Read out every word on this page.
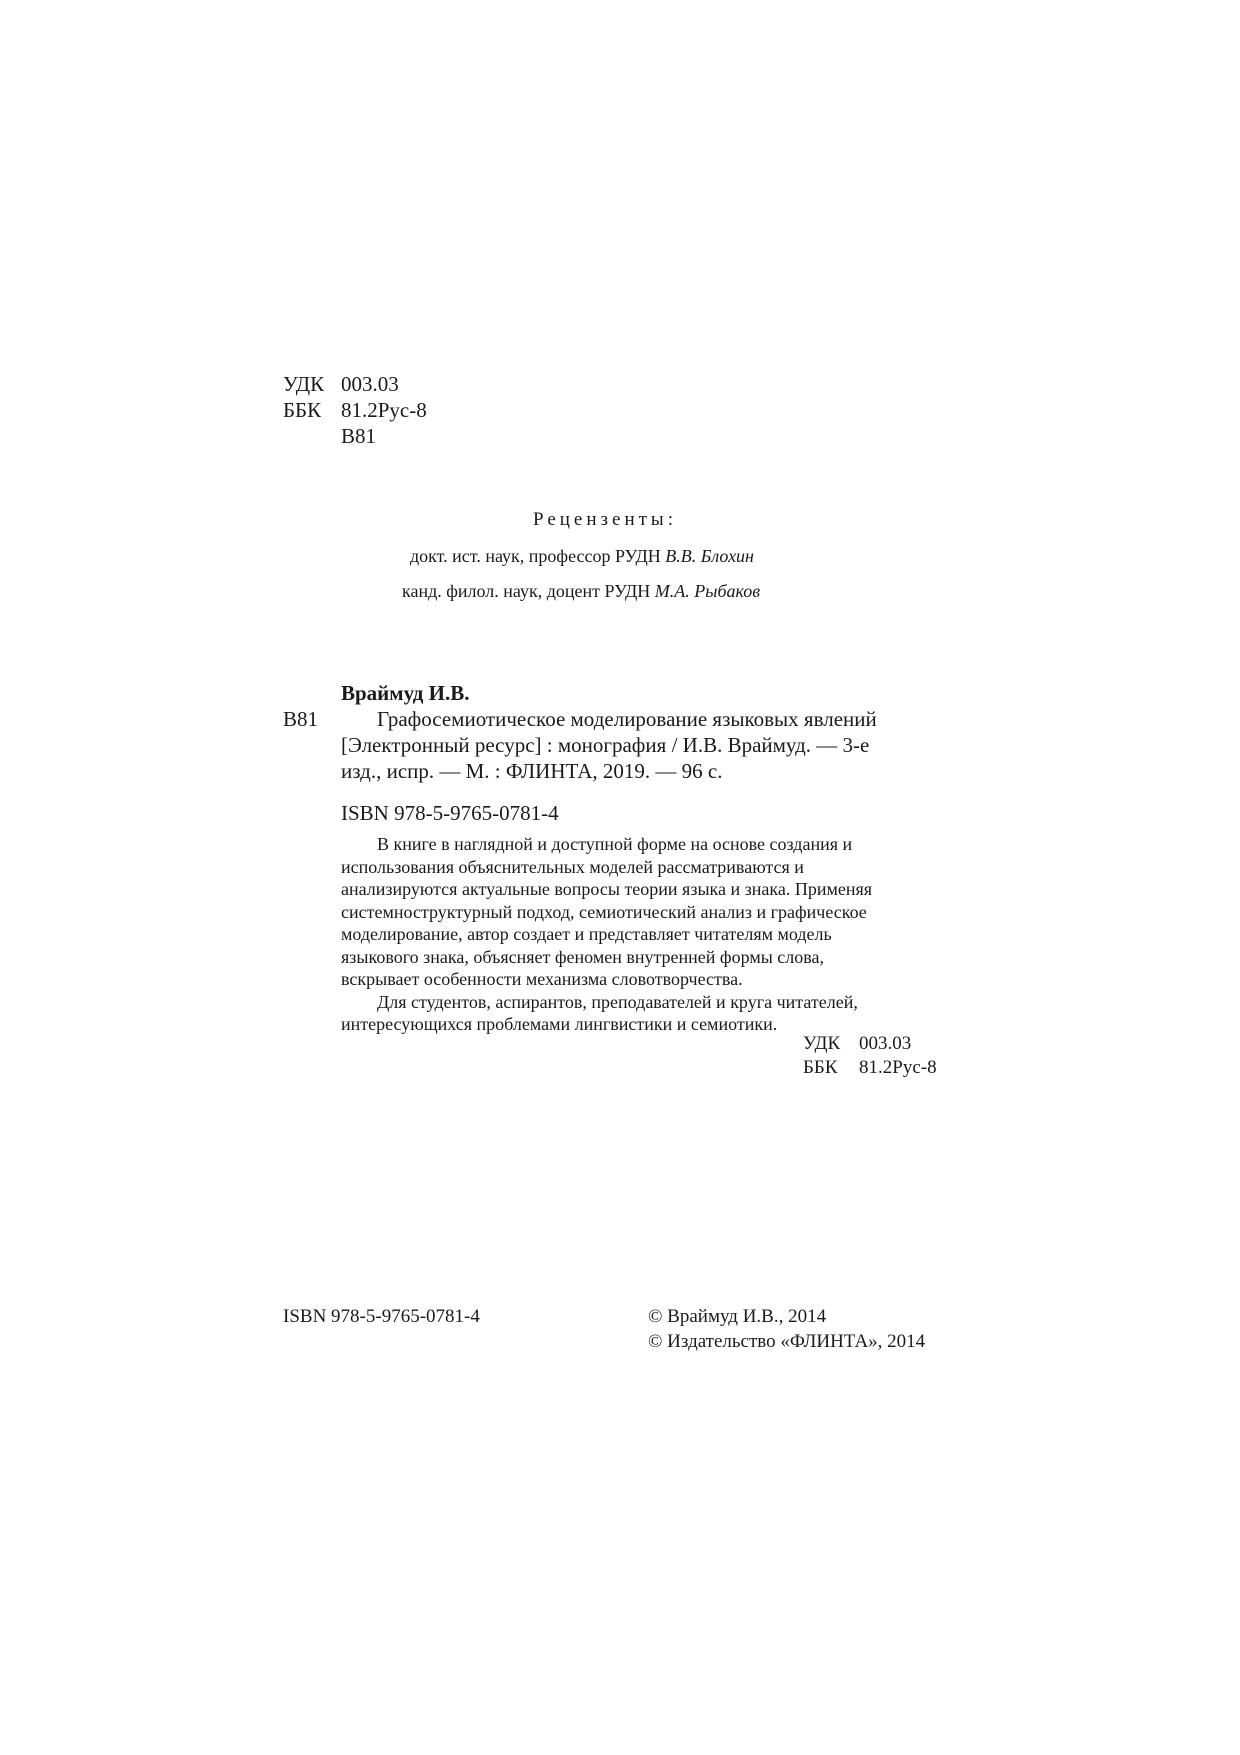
УДК 003.03
ББК 81.2Рус-8
В81
Рецензенты:
докт. ист. наук, профессор РУДН В.В. Блохин
канд. филол. наук, доцент РУДН М.А. Рыбаков
Враймуд И.В.
В81	Графосемиотическое моделирование языковых явлений
[Электронный ресурс] : монография / И.В. Враймуд. — 3-е
изд., испр. — М. : ФЛИНТА, 2019. — 96 с.
ISBN 978-5-9765-0781-4
В книге в наглядной и доступной форме на основе создания и
использования объяснительных моделей рассматриваются и
анализируются актуальные вопросы теории языка и знака. Применяя
системноструктурный подход, семиотический анализ и графическое
моделирование, автор создает и представляет читателям модель
языкового знака, объясняет феномен внутренней формы слова,
вскрывает особенности механизма словотворчества.
Для студентов, аспирантов, преподавателей и круга читателей,
интересующихся проблемами лингвистики и семиотики.
УДК 003.03
ББК 81.2Рус-8
ISBN 978-5-9765-0781-4	© Враймуд И.В., 2014
© Издательство «ФЛИНТА», 2014
